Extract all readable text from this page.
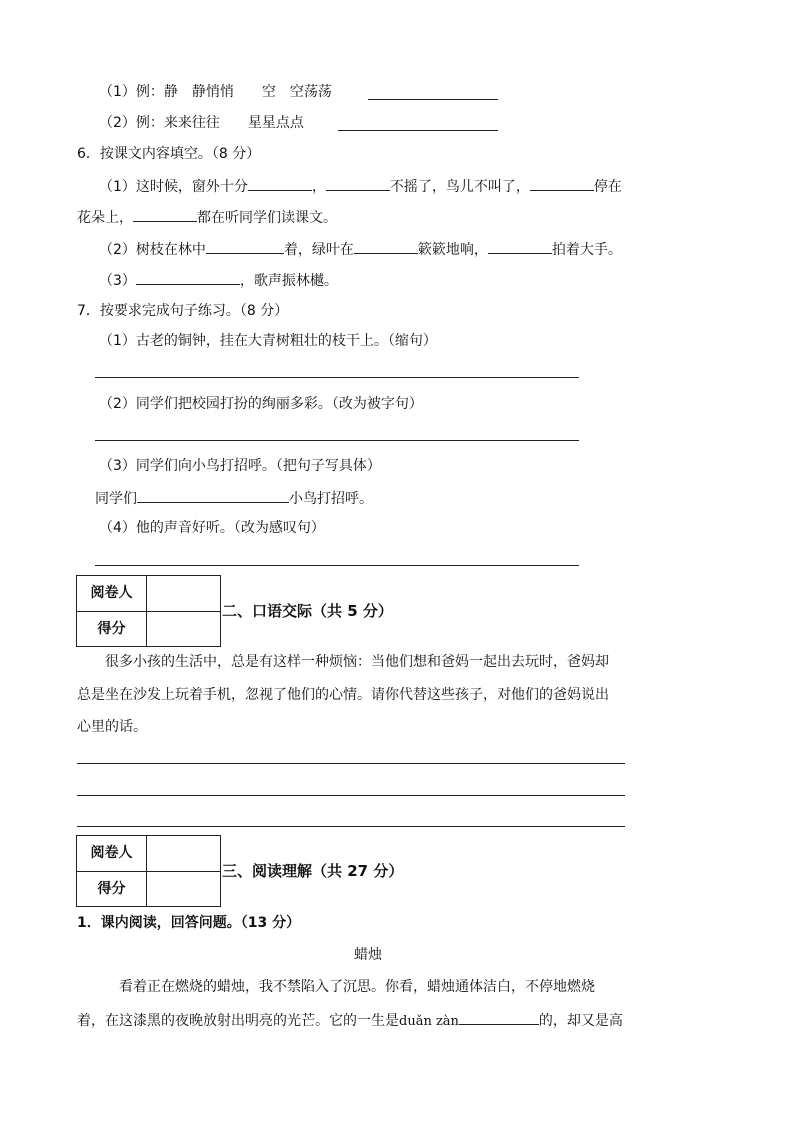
（1）例：静　静悄悄　　空　空荡荡
（2）例：来来往往　　星星点点
6．按课文内容填空。（8 分）
（1）这时候，窗外十分	，	不摇了，鸟儿不叫了，	停在
花朵上，	都在听同学们读课文。
（2）树枝在林中	着，绿叶在	簌簌地响，	拍着大手。
（3）	，歌声振林樾。
7．按要求完成句子练习。（8 分）
（1）古老的铜钟，挂在大青树粗壮的枝干上。（缩句）
（2）同学们把校园打扮的绚丽多彩。（改为被字句）
（3）同学们向小鸟打招呼。（把句子写具体）
同学们	小鸟打招呼。
（4）他的声音好听。（改为感叹句）
阅卷人
得分
二、口语交际（共 5 分）
很多小孩的生活中，总是有这样一种烦恼：当他们想和爸妈一起出去玩时，爸妈却
总是坐在沙发上玩着手机，忽视了他们的心情。请你代替这些孩子，对他们的爸妈说出
心里的话。
阅卷人
得分
三、阅读理解（共 27 分）
1．课内阅读，回答问题。（13 分）
蜡烛
看着正在燃烧的蜡烛，我不禁陷入了沉思。你看，蜡烛通体洁白，不停地燃烧
着，在这漆黑的夜晚放射出明亮的光芒。它的一生是duǎn zàn	的，却又是高
